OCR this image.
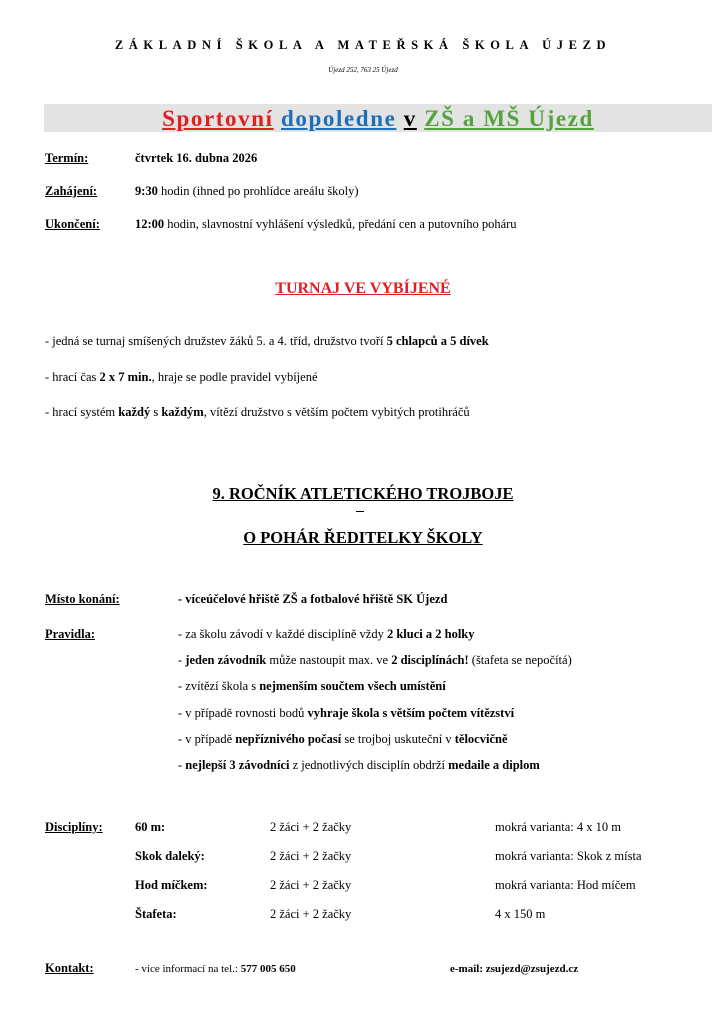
ZÁKLADNÍ ŠKOLA A MATEŘSKÁ ŠKOLA ÚJEZD
Újezd 252, 763 25 Újezd
Sportovní dopoledne v ZŠ a MŠ Újezd
Termín:	čtvrtek 16. dubna 2026
Zahájení:	9:30 hodin (ihned po prohlídce areálu školy)
Ukončení:	12:00 hodin, slavnostní vyhlášení výsledků, předání cen a putovního poháru
TURNAJ VE VYBÍJENÉ
- jedná se turnaj smíšených družstev žáků 5. a 4. tříd, družstvo tvoří 5 chlapců a 5 dívek
- hrací čas 2 x 7 min., hraje se podle pravidel vybíjené
- hrací systém každý s každým, vítězí družstvo s větším počtem vybitých protihráčů
9. ROČNÍK ATLETICKÉHO TROJBOJE
O POHÁR ŘEDITELKY ŠKOLY
Místo konání:	- víceúčelové hřiště ZŠ a fotbalové hřiště SK Újezd
Pravidla:	- za školu závodí v každé disciplíně vždy 2 kluci a 2 holky
- jeden závodník může nastoupit max. ve 2 disciplínách! (štafeta se nepočítá)
- zvítězí škola s nejmenším součtem všech umístění
- v případě rovnosti bodů vyhraje škola s větším počtem vítězství
- v případě nepříznivého počasí se trojboj uskuteční v tělocvičně
- nejlepší 3 závodníci z jednotlivých disciplín obdrží medaile a diplom
Disciplíny:	60 m:	2 žáci + 2 žačky	mokrá varianta: 4 x 10 m
Skok daleký:	2 žáci + 2 žačky	mokrá varianta: Skok z místa
Hod míčkem:	2 žáci + 2 žačky	mokrá varianta: Hod míčem
Štafeta:	2 žáci + 2 žačky	4 x 150 m
Kontakt:	- více informací na tel.: 577 005 650	e-mail: zsujezd@zsujezd.cz
